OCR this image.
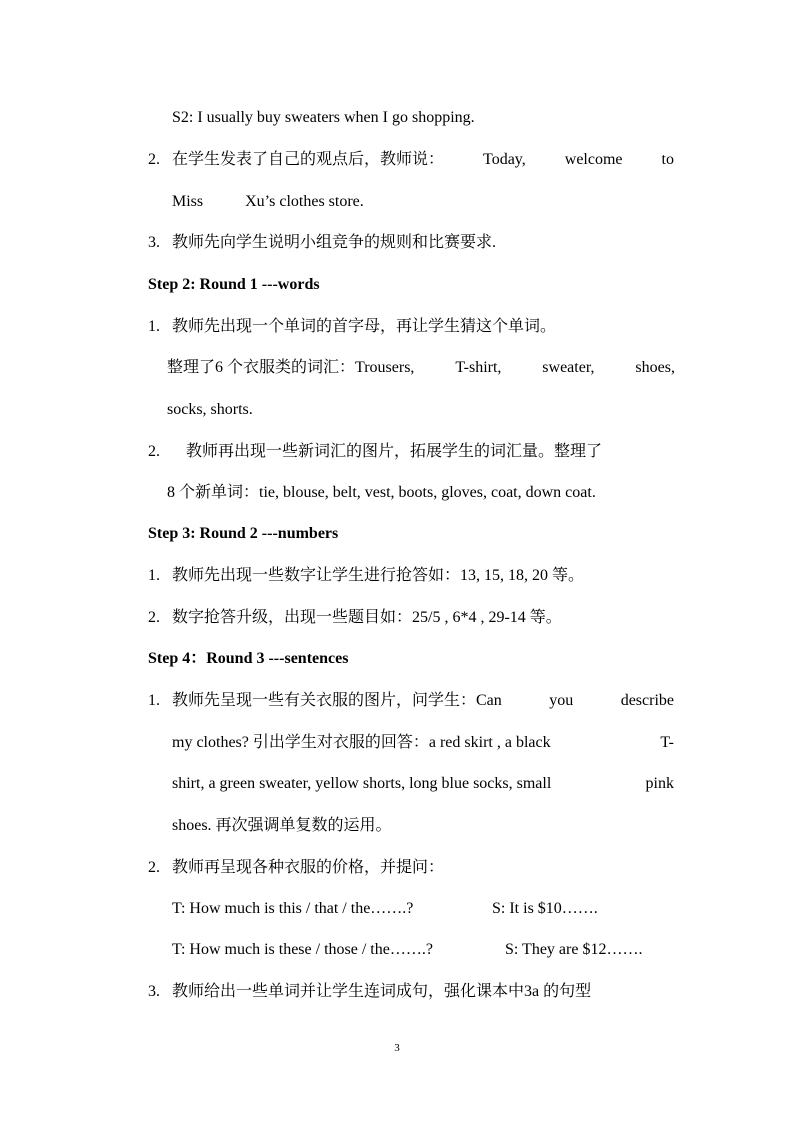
S2: I usually buy sweaters when I go shopping.
2. 在学生发表了自己的观点后，教师说： Today, welcome to
Miss	Xu’s clothes store.
3. 教师先向学生说明小组竞争的规则和比赛要求.
Step 2: Round 1 ---words
1. 教师先出现一个单词的首字母，再让学生猜这个单词。
整理了6 个衣服类的词汇：Trousers,	T-shirt,	sweater,	shoes,
socks, shorts.
2. 教师再出现一些新词汇的图片，拓展学生的词汇量。整理了
8 个新单词：tie, blouse, belt, vest, boots, gloves, coat, down coat.
Step 3: Round 2 ---numbers
1. 教师先出现一些数字让学生进行抢答如：13, 15, 18, 20 等。
2. 数字抢答升级，出现一些题目如：25/5 , 6*4 , 29-14 等。
Step 4：Round 3 ---sentences
1. 教师先呈现一些有关衣服的图片，问学生：Can	you	describe
my clothes? 引出学生对衣服的回答：a red skirt , a black	T-
shirt, a green sweater, yellow shorts, long blue socks, small	pink
shoes. 再次强调单复数的运用。
2. 教师再呈现各种衣服的价格，并提问：
T: How much is this / that / the…….?	S: It is $10…….
T: How much is these / those / the…….?	S: They are $12…….
3. 教师给出一些单词并让学生连词成句，强化课本中3a 的句型
3
